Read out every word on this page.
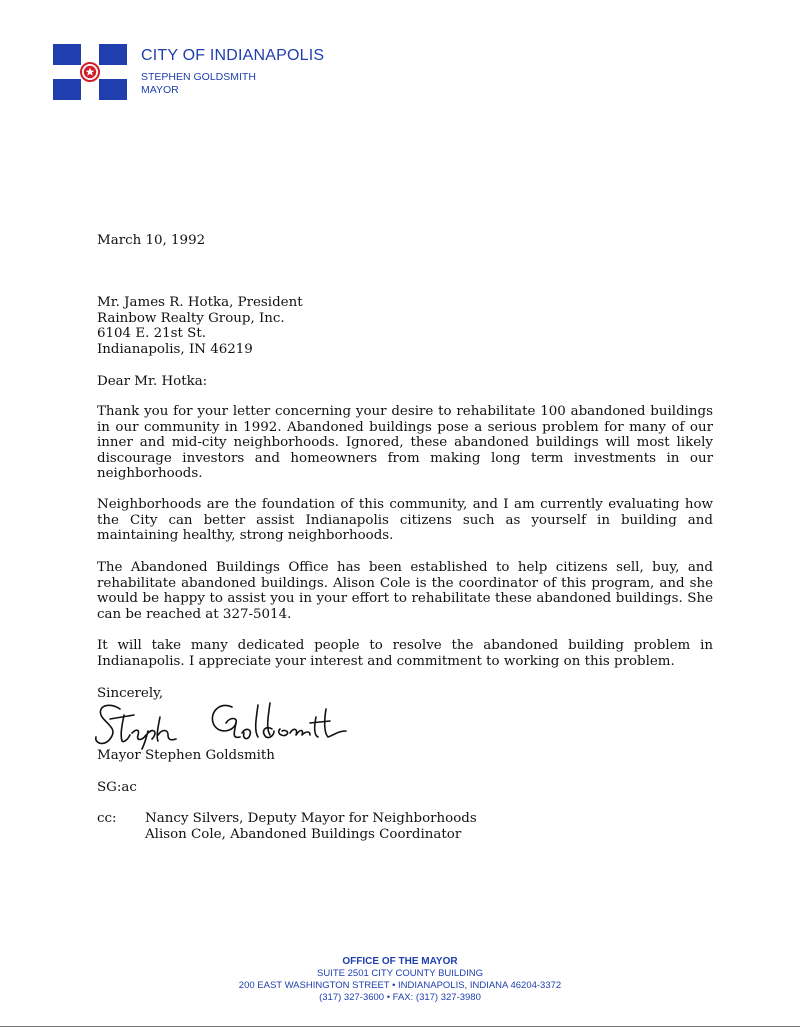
CITY OF INDIANAPOLIS
STEPHEN GOLDSMITH
MAYOR
March 10, 1992
Mr. James R. Hotka, President
Rainbow Realty Group, Inc.
6104 E. 21st St.
Indianapolis, IN 46219
Dear Mr. Hotka:
Thank you for your letter concerning your desire to rehabilitate 100 abandoned buildings in our community in 1992. Abandoned buildings pose a serious problem for many of our inner and mid-city neighborhoods. Ignored, these abandoned buildings will most likely discourage investors and homeowners from making long term investments in our neighborhoods.
Neighborhoods are the foundation of this community, and I am currently evaluating how the City can better assist Indianapolis citizens such as yourself in building and maintaining healthy, strong neighborhoods.
The Abandoned Buildings Office has been established to help citizens sell, buy, and rehabilitate abandoned buildings. Alison Cole is the coordinator of this program, and she would be happy to assist you in your effort to rehabilitate these abandoned buildings. She can be reached at 327-5014.
It will take many dedicated people to resolve the abandoned building problem in Indianapolis. I appreciate your interest and commitment to working on this problem.
Sincerely,
Mayor Stephen Goldsmith
SG:ac
cc: Nancy Silvers, Deputy Mayor for Neighborhoods
Alison Cole, Abandoned Buildings Coordinator
OFFICE OF THE MAYOR
SUITE 2501 CITY COUNTY BUILDING
200 EAST WASHINGTON STREET • INDIANAPOLIS, INDIANA 46204-3372
(317) 327-3600 • FAX: (317) 327-3980
